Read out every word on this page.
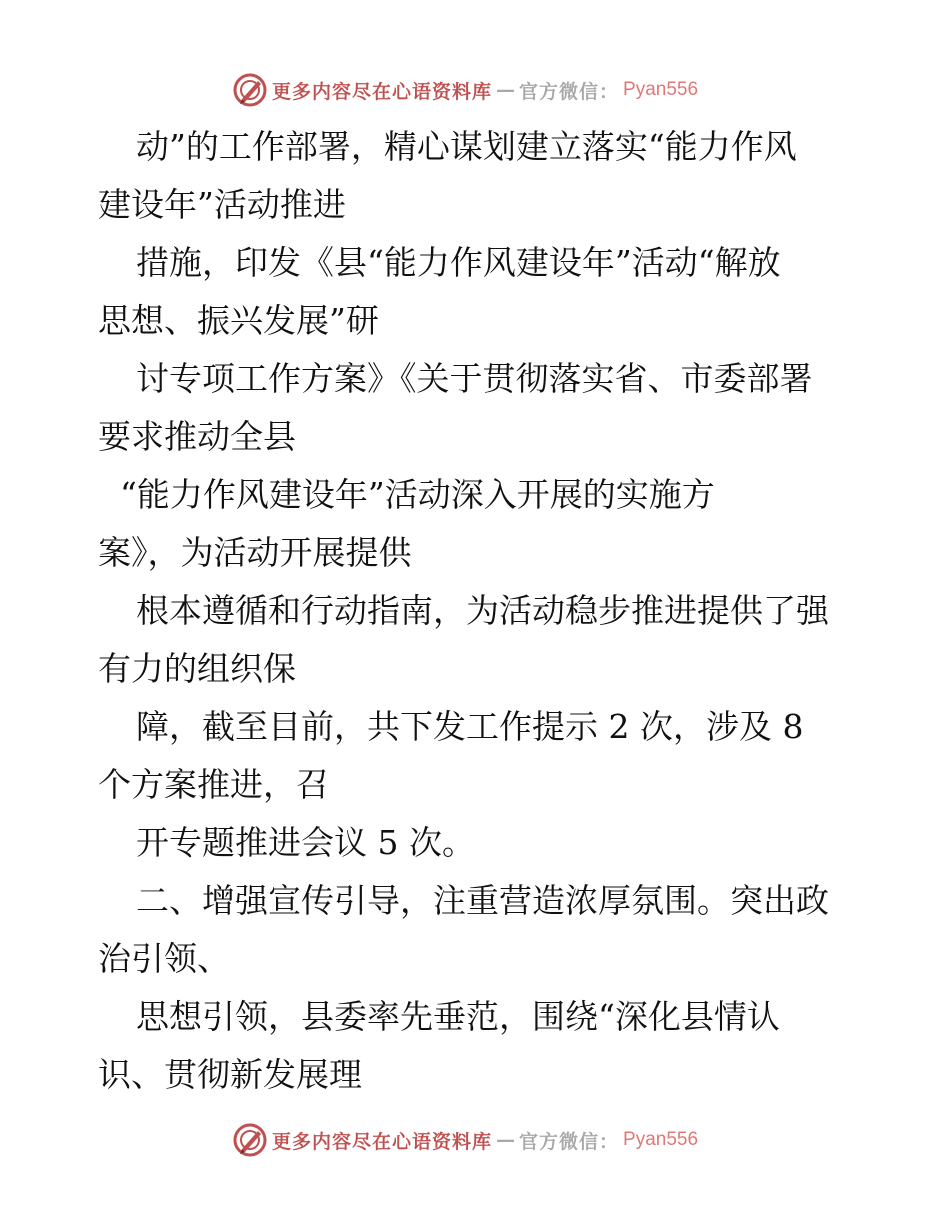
更多内容尽在心语资料库 — 官方微信： Pyan556
动”的工作部署，精心谋划建立落实“能力作风
建设年”活动推进
措施，印发《县“能力作风建设年”活动“解放
思想、振兴发展”研
讨专项工作方案》《关于贯彻落实省、市委部署
要求推动全县
“能力作风建设年”活动深入开展的实施方
案》，为活动开展提供
根本遵循和行动指南，为活动稳步推进提供了强
有力的组织保
障，截至目前，共下发工作提示 2 次，涉及 8
个方案推进，召
开专题推进会议 5 次。
二、增强宣传引导，注重营造浓厚氛围。突出政
治引领、
思想引领，县委率先垂范，围绕“深化县情认
识、贯彻新发展理
更多内容尽在心语资料库 — 官方微信： Pyan556
